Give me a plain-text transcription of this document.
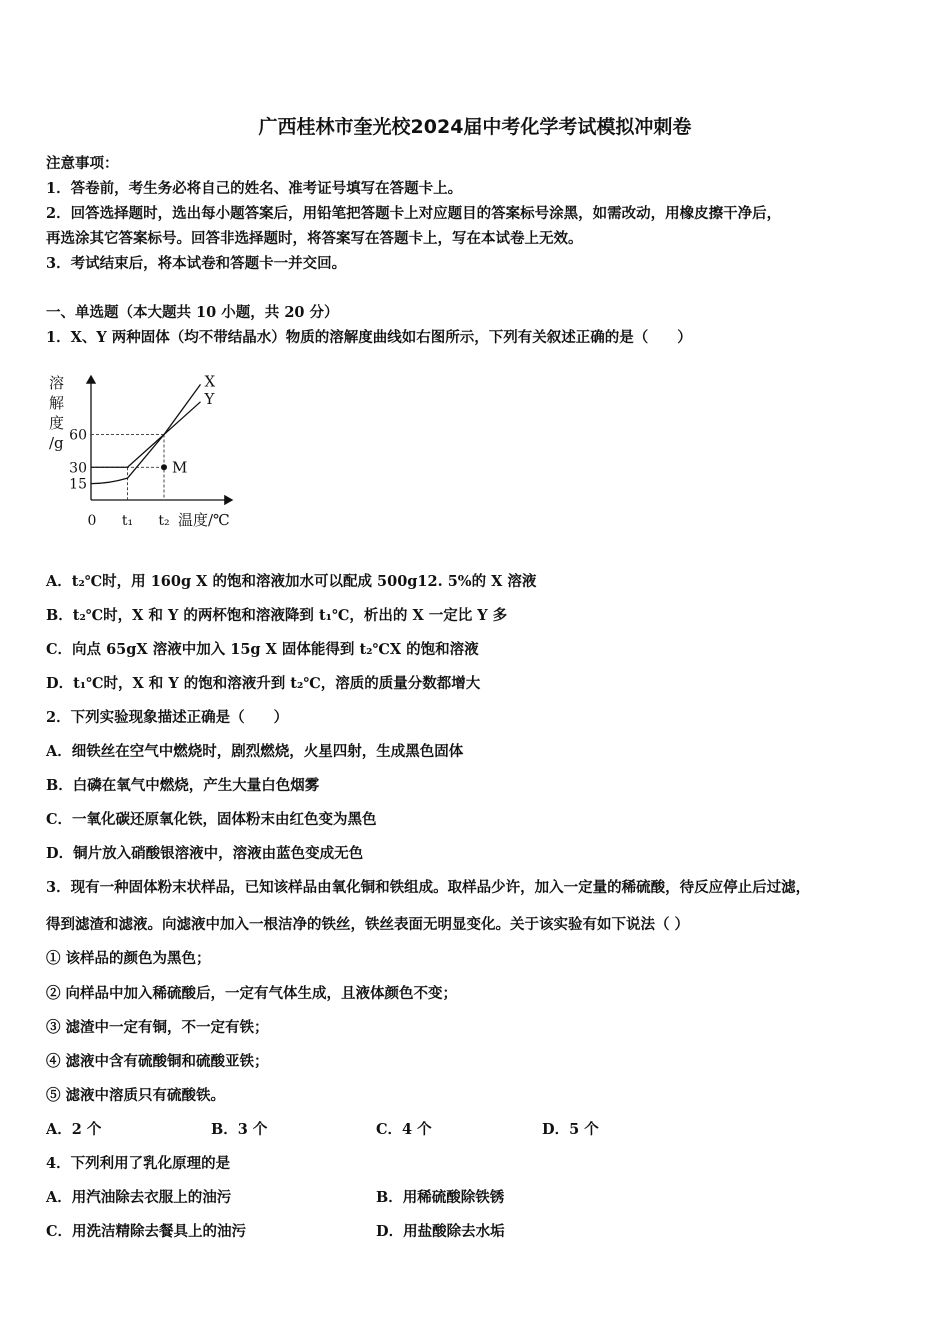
广西桂林市奎光校2024届中考化学考试模拟冲刺卷
注意事项：
1．答卷前，考生务必将自己的姓名、准考证号填写在答题卡上。
2．回答选择题时，选出每小题答案后，用铅笔把答题卡上对应题目的答案标号涂黑，如需改动，用橡皮擦干净后，
再选涂其它答案标号。回答非选择题时，将答案写在答题卡上，写在本试卷上无效。
3．考试结束后，将本试卷和答题卡一并交回。
一、单选题（本大题共 10 小题，共 20 分）
1．X、Y 两种固体（均不带结晶水）物质的溶解度曲线如右图所示，下列有关叙述正确的是（　　）
溶
解
度
/g
15
30
60
0 t₁ t₂ 温度/℃
X
Y
M
A．t₂℃时，用 160g X 的饱和溶液加水可以配成 500g12. 5%的 X 溶液
B．t₂℃时，X 和 Y 的两杯饱和溶液降到 t₁℃，析出的 X 一定比 Y 多
C．向点 65gX 溶液中加入 15g X 固体能得到 t₂℃X 的饱和溶液
D．t₁℃时，X 和 Y 的饱和溶液升到 t₂℃，溶质的质量分数都增大
2．下列实验现象描述正确是（　　）
A．细铁丝在空气中燃烧时，剧烈燃烧，火星四射，生成黑色固体
B．白磷在氧气中燃烧，产生大量白色烟雾
C．一氧化碳还原氧化铁，固体粉末由红色变为黑色
D．铜片放入硝酸银溶液中，溶液由蓝色变成无色
3．现有一种固体粉末状样品，已知该样品由氧化铜和铁组成。取样品少许，加入一定量的稀硫酸，待反应停止后过滤，
得到滤渣和滤液。向滤液中加入一根洁净的铁丝，铁丝表面无明显变化。关于该实验有如下说法（ ）
① 该样品的颜色为黑色；
② 向样品中加入稀硫酸后，一定有气体生成，且液体颜色不变；
③ 滤渣中一定有铜，不一定有铁；
④ 滤液中含有硫酸铜和硫酸亚铁；
⑤ 滤液中溶质只有硫酸铁。
A．2 个	B．3 个	C．4 个	D．5 个
4．下列利用了乳化原理的是
A．用汽油除去衣服上的油污	B．用稀硫酸除铁锈
C．用洗洁精除去餐具上的油污	D．用盐酸除去水垢
